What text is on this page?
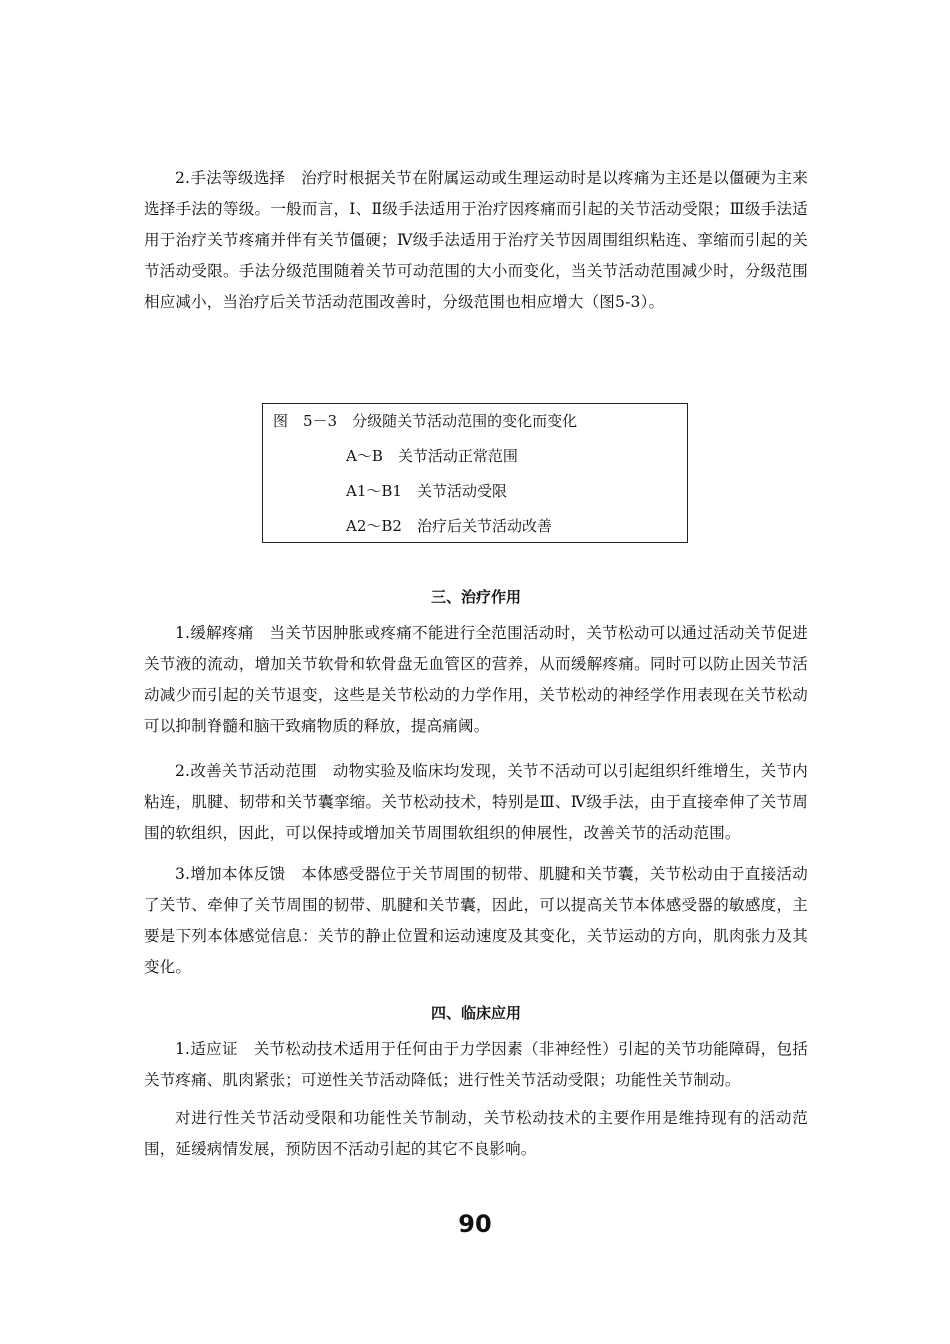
2.手法等级选择　治疗时根据关节在附属运动或生理运动时是以疼痛为主还是以僵硬为主来选择手法的等级。一般而言，Ⅰ、Ⅱ级手法适用于治疗因疼痛而引起的关节活动受限；Ⅲ级手法适用于治疗关节疼痛并伴有关节僵硬；Ⅳ级手法适用于治疗关节因周围组织粘连、挛缩而引起的关节活动受限。手法分级范围随着关节可动范围的大小而变化，当关节活动范围减少时，分级范围相应减小，当治疗后关节活动范围改善时，分级范围也相应增大（图5-3）。

图　5－3　分级随关节活动范围的变化而变化

A～B　关节活动正常范围

A1～B1　关节活动受限

A2～B2　治疗后关节活动改善

三、治疗作用

1.缓解疼痛　当关节因肿胀或疼痛不能进行全范围活动时，关节松动可以通过活动关节促进关节液的流动，增加关节软骨和软骨盘无血管区的营养，从而缓解疼痛。同时可以防止因关节活动减少而引起的关节退变，这些是关节松动的力学作用，关节松动的神经学作用表现在关节松动可以抑制脊髓和脑干致痛物质的释放，提高痛阈。

2.改善关节活动范围　动物实验及临床均发现，关节不活动可以引起组织纤维增生，关节内粘连，肌腱、韧带和关节囊挛缩。关节松动技术，特别是Ⅲ、Ⅳ级手法，由于直接牵伸了关节周围的软组织，因此，可以保持或增加关节周围软组织的伸展性，改善关节的活动范围。

3.增加本体反馈　本体感受器位于关节周围的韧带、肌腱和关节囊，关节松动由于直接活动了关节、牵伸了关节周围的韧带、肌腱和关节囊，因此，可以提高关节本体感受器的敏感度，主要是下列本体感觉信息：关节的静止位置和运动速度及其变化，关节运动的方向，肌肉张力及其变化。

四、临床应用

1.适应证　关节松动技术适用于任何由于力学因素（非神经性）引起的关节功能障碍，包括关节疼痛、肌肉紧张；可逆性关节活动降低；进行性关节活动受限；功能性关节制动。

对进行性关节活动受限和功能性关节制动，关节松动技术的主要作用是维持现有的活动范围，延缓病情发展，预防因不活动引起的其它不良影响。

90
